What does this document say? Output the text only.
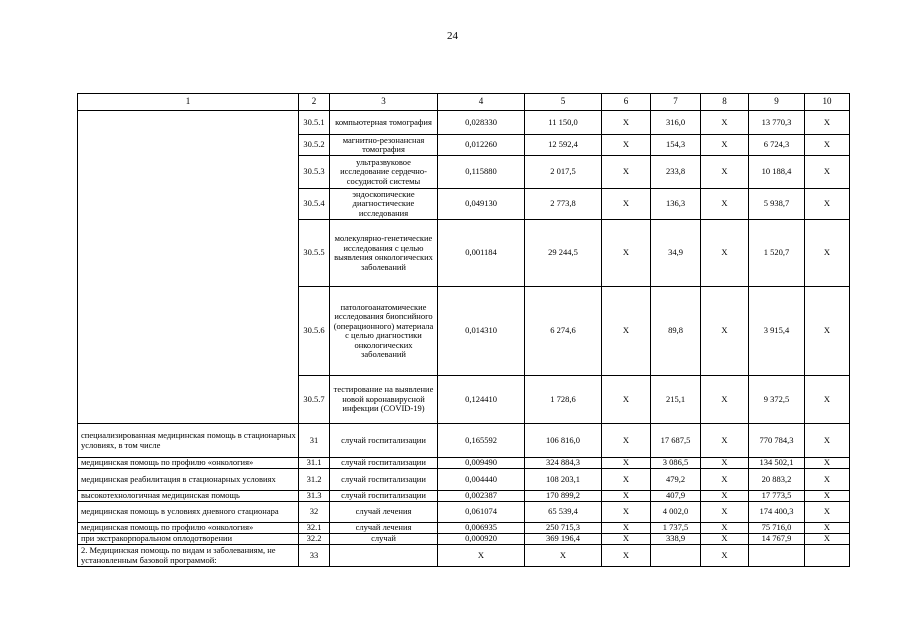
24
1	2	3	4	5	6	7	8	9	10
	30.5.1	компьютерная томография	0,028330	11 150,0	X	316,0	X	13 770,3	X
	30.5.2	магнитно-резонансная томография	0,012260	12 592,4	X	154,3	X	6 724,3	X
	30.5.3	ультразвуковое исследование сердечно-сосудистой системы	0,115880	2 017,5	X	233,8	X	10 188,4	X
	30.5.4	эндоскопические диагностические исследования	0,049130	2 773,8	X	136,3	X	5 938,7	X
	30.5.5	молекулярно-генетические исследования с целью выявления онкологических заболеваний	0,001184	29 244,5	X	34,9	X	1 520,7	X
	30.5.6	патологоанатомические исследования биопсийного (операционного) материала с целью диагностики онкологических заболеваний	0,014310	6 274,6	X	89,8	X	3 915,4	X
	30.5.7	тестирование на выявление новой коронавирусной инфекции (COVID-19)	0,124410	1 728,6	X	215,1	X	9 372,5	X
специализированная медицинская помощь в стационарных условиях, в том числе	31	случай госпитализации	0,165592	106 816,0	X	17 687,5	X	770 784,3	X
медицинская помощь по профилю «онкология»	31.1	случай госпитализации	0,009490	324 884,3	X	3 086,5	X	134 502,1	X
медицинская реабилитация в стационарных условиях	31.2	случай госпитализации	0,004440	108 203,1	X	479,2	X	20 883,2	X
высокотехнологичная медицинская помощь	31.3	случай госпитализации	0,002387	170 899,2	X	407,9	X	17 773,5	X
медицинская помощь в условиях дневного стационара	32	случай лечения	0,061074	65 539,4	X	4 002,0	X	174 400,3	X
медицинская помощь по профилю «онкология»	32.1	случай лечения	0,006935	250 715,3	X	1 737,5	X	75 716,0	X
при экстракорпоральном оплодотворении	32.2	случай	0,000920	369 196,4	X	338,9	X	14 767,9	X
2. Медицинская помощь по видам и заболеваниям, не установленным базовой программой:	33		X	X	X		X		
